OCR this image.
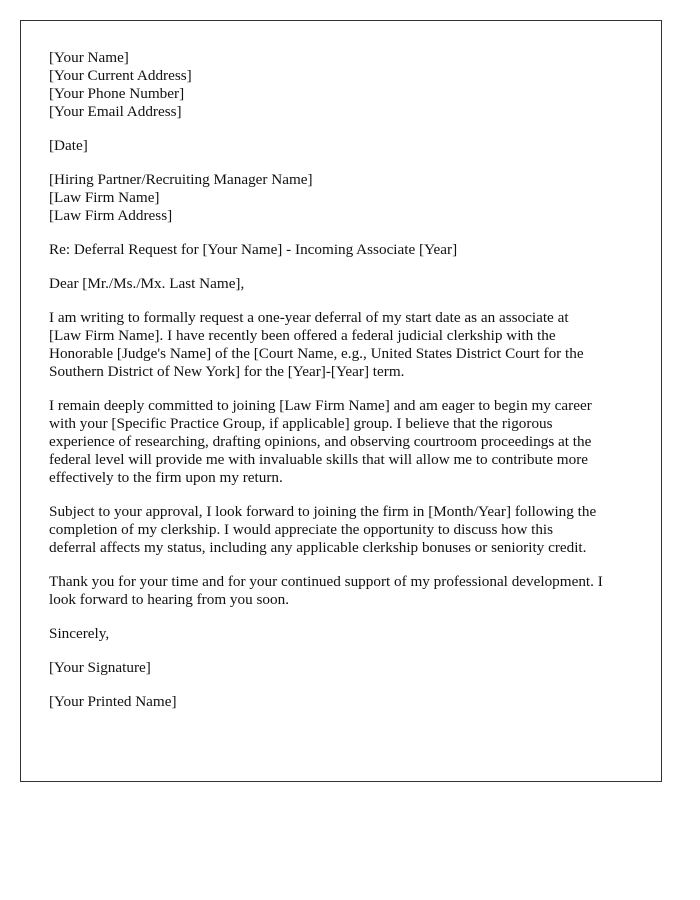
[Your Name]
[Your Current Address]
[Your Phone Number]
[Your Email Address]
[Date]
[Hiring Partner/Recruiting Manager Name]
[Law Firm Name]
[Law Firm Address]
Re: Deferral Request for [Your Name] - Incoming Associate [Year]
Dear [Mr./Ms./Mx. Last Name],

I am writing to formally request a one-year deferral of my start date as an associate at
[Law Firm Name]. I have recently been offered a federal judicial clerkship with the
Honorable [Judge's Name] of the [Court Name, e.g., United States District Court for the
Southern District of New York] for the [Year]-[Year] term.

I remain deeply committed to joining [Law Firm Name] and am eager to begin my career
with your [Specific Practice Group, if applicable] group. I believe that the rigorous
experience of researching, drafting opinions, and observing courtroom proceedings at the
federal level will provide me with invaluable skills that will allow me to contribute more
effectively to the firm upon my return.

Subject to your approval, I look forward to joining the firm in [Month/Year] following the
completion of my clerkship. I would appreciate the opportunity to discuss how this
deferral affects my status, including any applicable clerkship bonuses or seniority credit.

Thank you for your time and for your continued support of my professional development. I
look forward to hearing from you soon.

Sincerely,
[Your Signature]
[Your Printed Name]
